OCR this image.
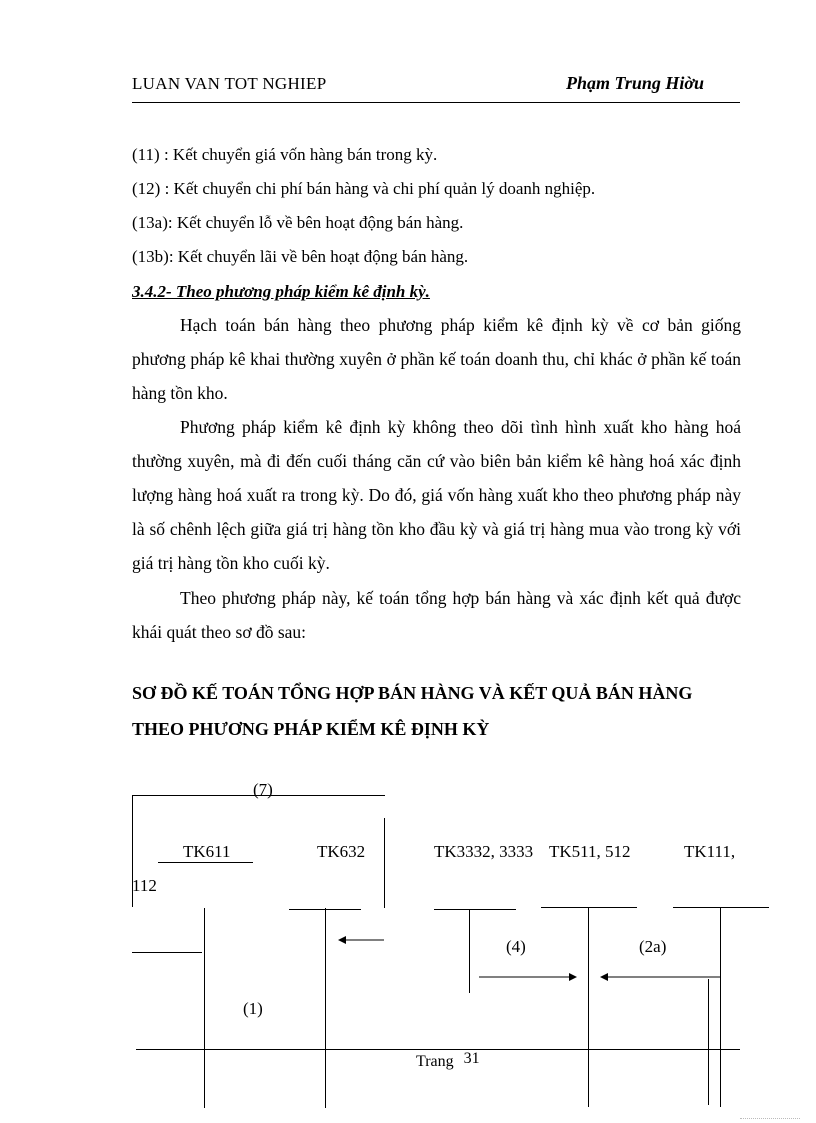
LUAN VAN TOT NGHIEP	Phạm Trung Hiờu
(11) : Kết chuyển giá vốn hàng bán trong kỳ.
(12) : Kết chuyển chi phí bán hàng và chi phí quản lý doanh nghiệp.
(13a): Kết chuyển lỗ về bên hoạt động bán hàng.
(13b): Kết chuyển lãi về bên hoạt động bán hàng.
3.4.2- Theo phương pháp kiểm kê định kỳ.
Hạch toán bán hàng theo phương pháp kiểm kê định kỳ về cơ bản giống phương pháp kê khai thường xuyên ở phần kế toán doanh thu, chỉ khác ở phần kế toán hàng tồn kho.
Phương pháp kiểm kê định kỳ không theo dõi tình hình xuất kho hàng hoá thường xuyên, mà đi đến cuối tháng căn cứ vào biên bản kiểm kê hàng hoá xác định lượng hàng hoá xuất ra trong kỳ. Do đó, giá vốn hàng xuất kho theo phương pháp này là số chênh lệch giữa giá trị hàng tồn kho đầu kỳ và giá trị hàng mua vào trong kỳ với giá trị hàng tồn kho cuối kỳ.
Theo phương pháp này, kế toán tổng hợp bán hàng và xác định kết quả được khái quát theo sơ đồ sau:
SƠ ĐỒ KẾ TOÁN TỔNG HỢP BÁN HÀNG VÀ KẾT QUẢ BÁN HÀNG
THEO PHƯƠNG PHÁP KIỂM KÊ ĐỊNH KỲ
(7)
TK611	TK632	TK3332, 3333 TK511, 512	TK111,
112
(4)	(2a)
(1)
Trang 31
